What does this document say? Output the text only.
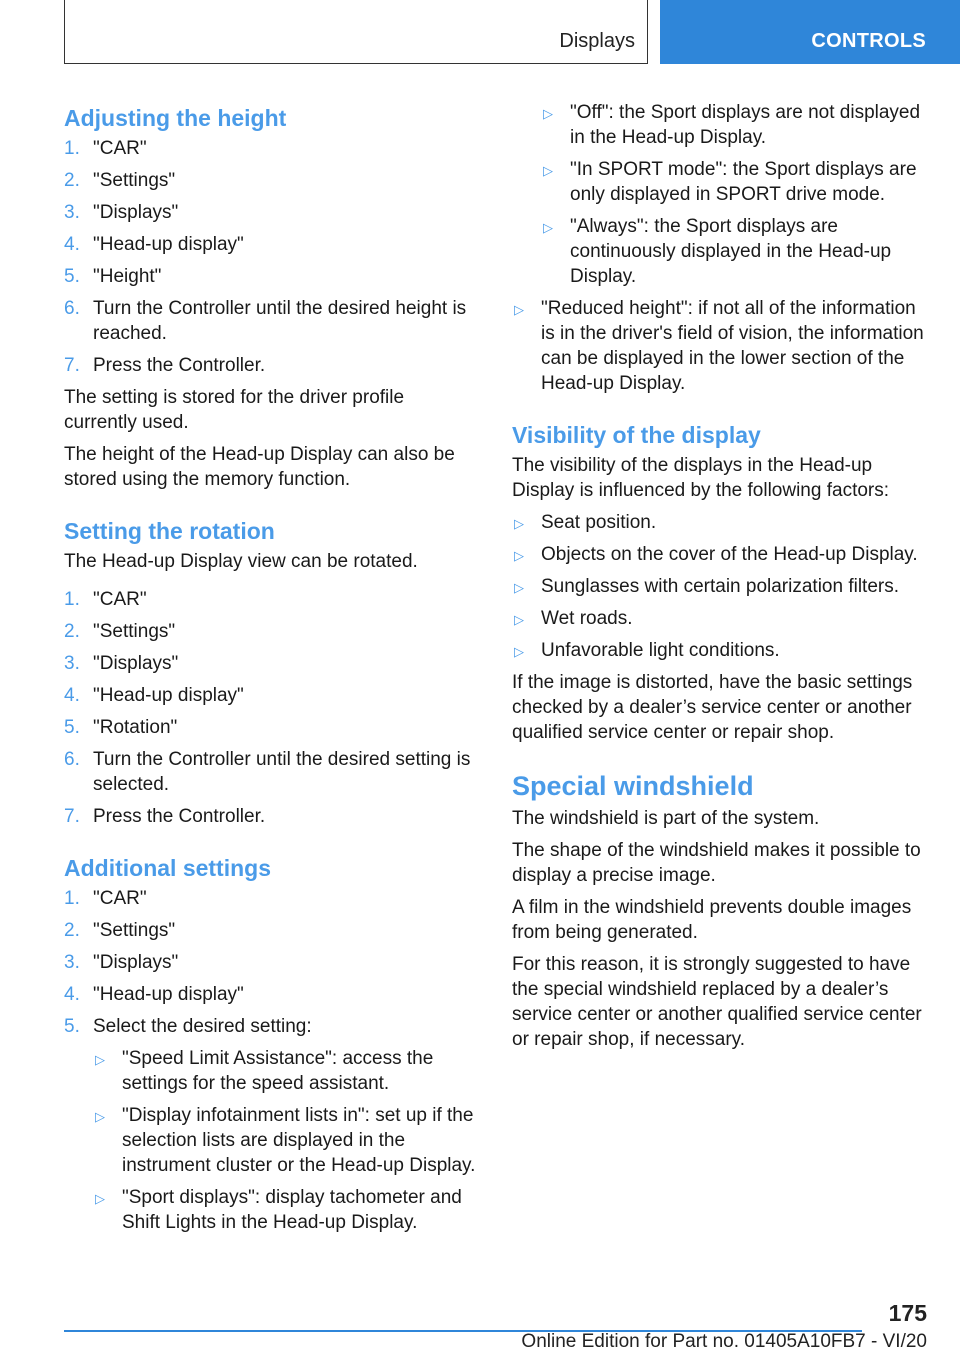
Displays	CONTROLS
Adjusting the height
1. "CAR"
2. "Settings"
3. "Displays"
4. "Head-up display"
5. "Height"
6. Turn the Controller until the desired height is reached.
7. Press the Controller.

The setting is stored for the driver profile currently used.

The height of the Head-up Display can also be stored using the memory function.

Setting the rotation

The Head-up Display view can be rotated.

1. "CAR"
2. "Settings"
3. "Displays"
4. "Head-up display"
5. "Rotation"
6. Turn the Controller until the desired setting is selected.
7. Press the Controller.
Additional settings
1. "CAR"
2. "Settings"
3. "Displays"
4. "Head-up display"
5. Select the desired setting:
▷ "Speed Limit Assistance": access the settings for the speed assistant.
▷ "Display infotainment lists in": set up if the selection lists are displayed in the instrument cluster or the Head-up Display.
▷ "Sport displays": display tachometer and Shift Lights in the Head-up Display.
▷ "Off": the Sport displays are not displayed in the Head-up Display.
▷ "In SPORT mode": the Sport displays are only displayed in SPORT drive mode.
▷ "Always": the Sport displays are continuously displayed in the Head-up Display.
▷ "Reduced height": if not all of the information is in the driver's field of vision, the information can be displayed in the lower section of the Head-up Display.
Visibility of the display

The visibility of the displays in the Head-up Display is influenced by the following factors:

▷ Seat position.
▷ Objects on the cover of the Head-up Display.
▷ Sunglasses with certain polarization filters.
▷ Wet roads.
▷ Unfavorable light conditions.

If the image is distorted, have the basic settings checked by a dealer’s service center or another qualified service center or repair shop.

Special windshield

The windshield is part of the system.

The shape of the windshield makes it possible to display a precise image.

A film in the windshield prevents double images from being generated.

For this reason, it is strongly suggested to have the special windshield replaced by a dealer’s service center or another qualified service center or repair shop, if necessary.

175
Online Edition for Part no. 01405A10FB7 - VI/20
